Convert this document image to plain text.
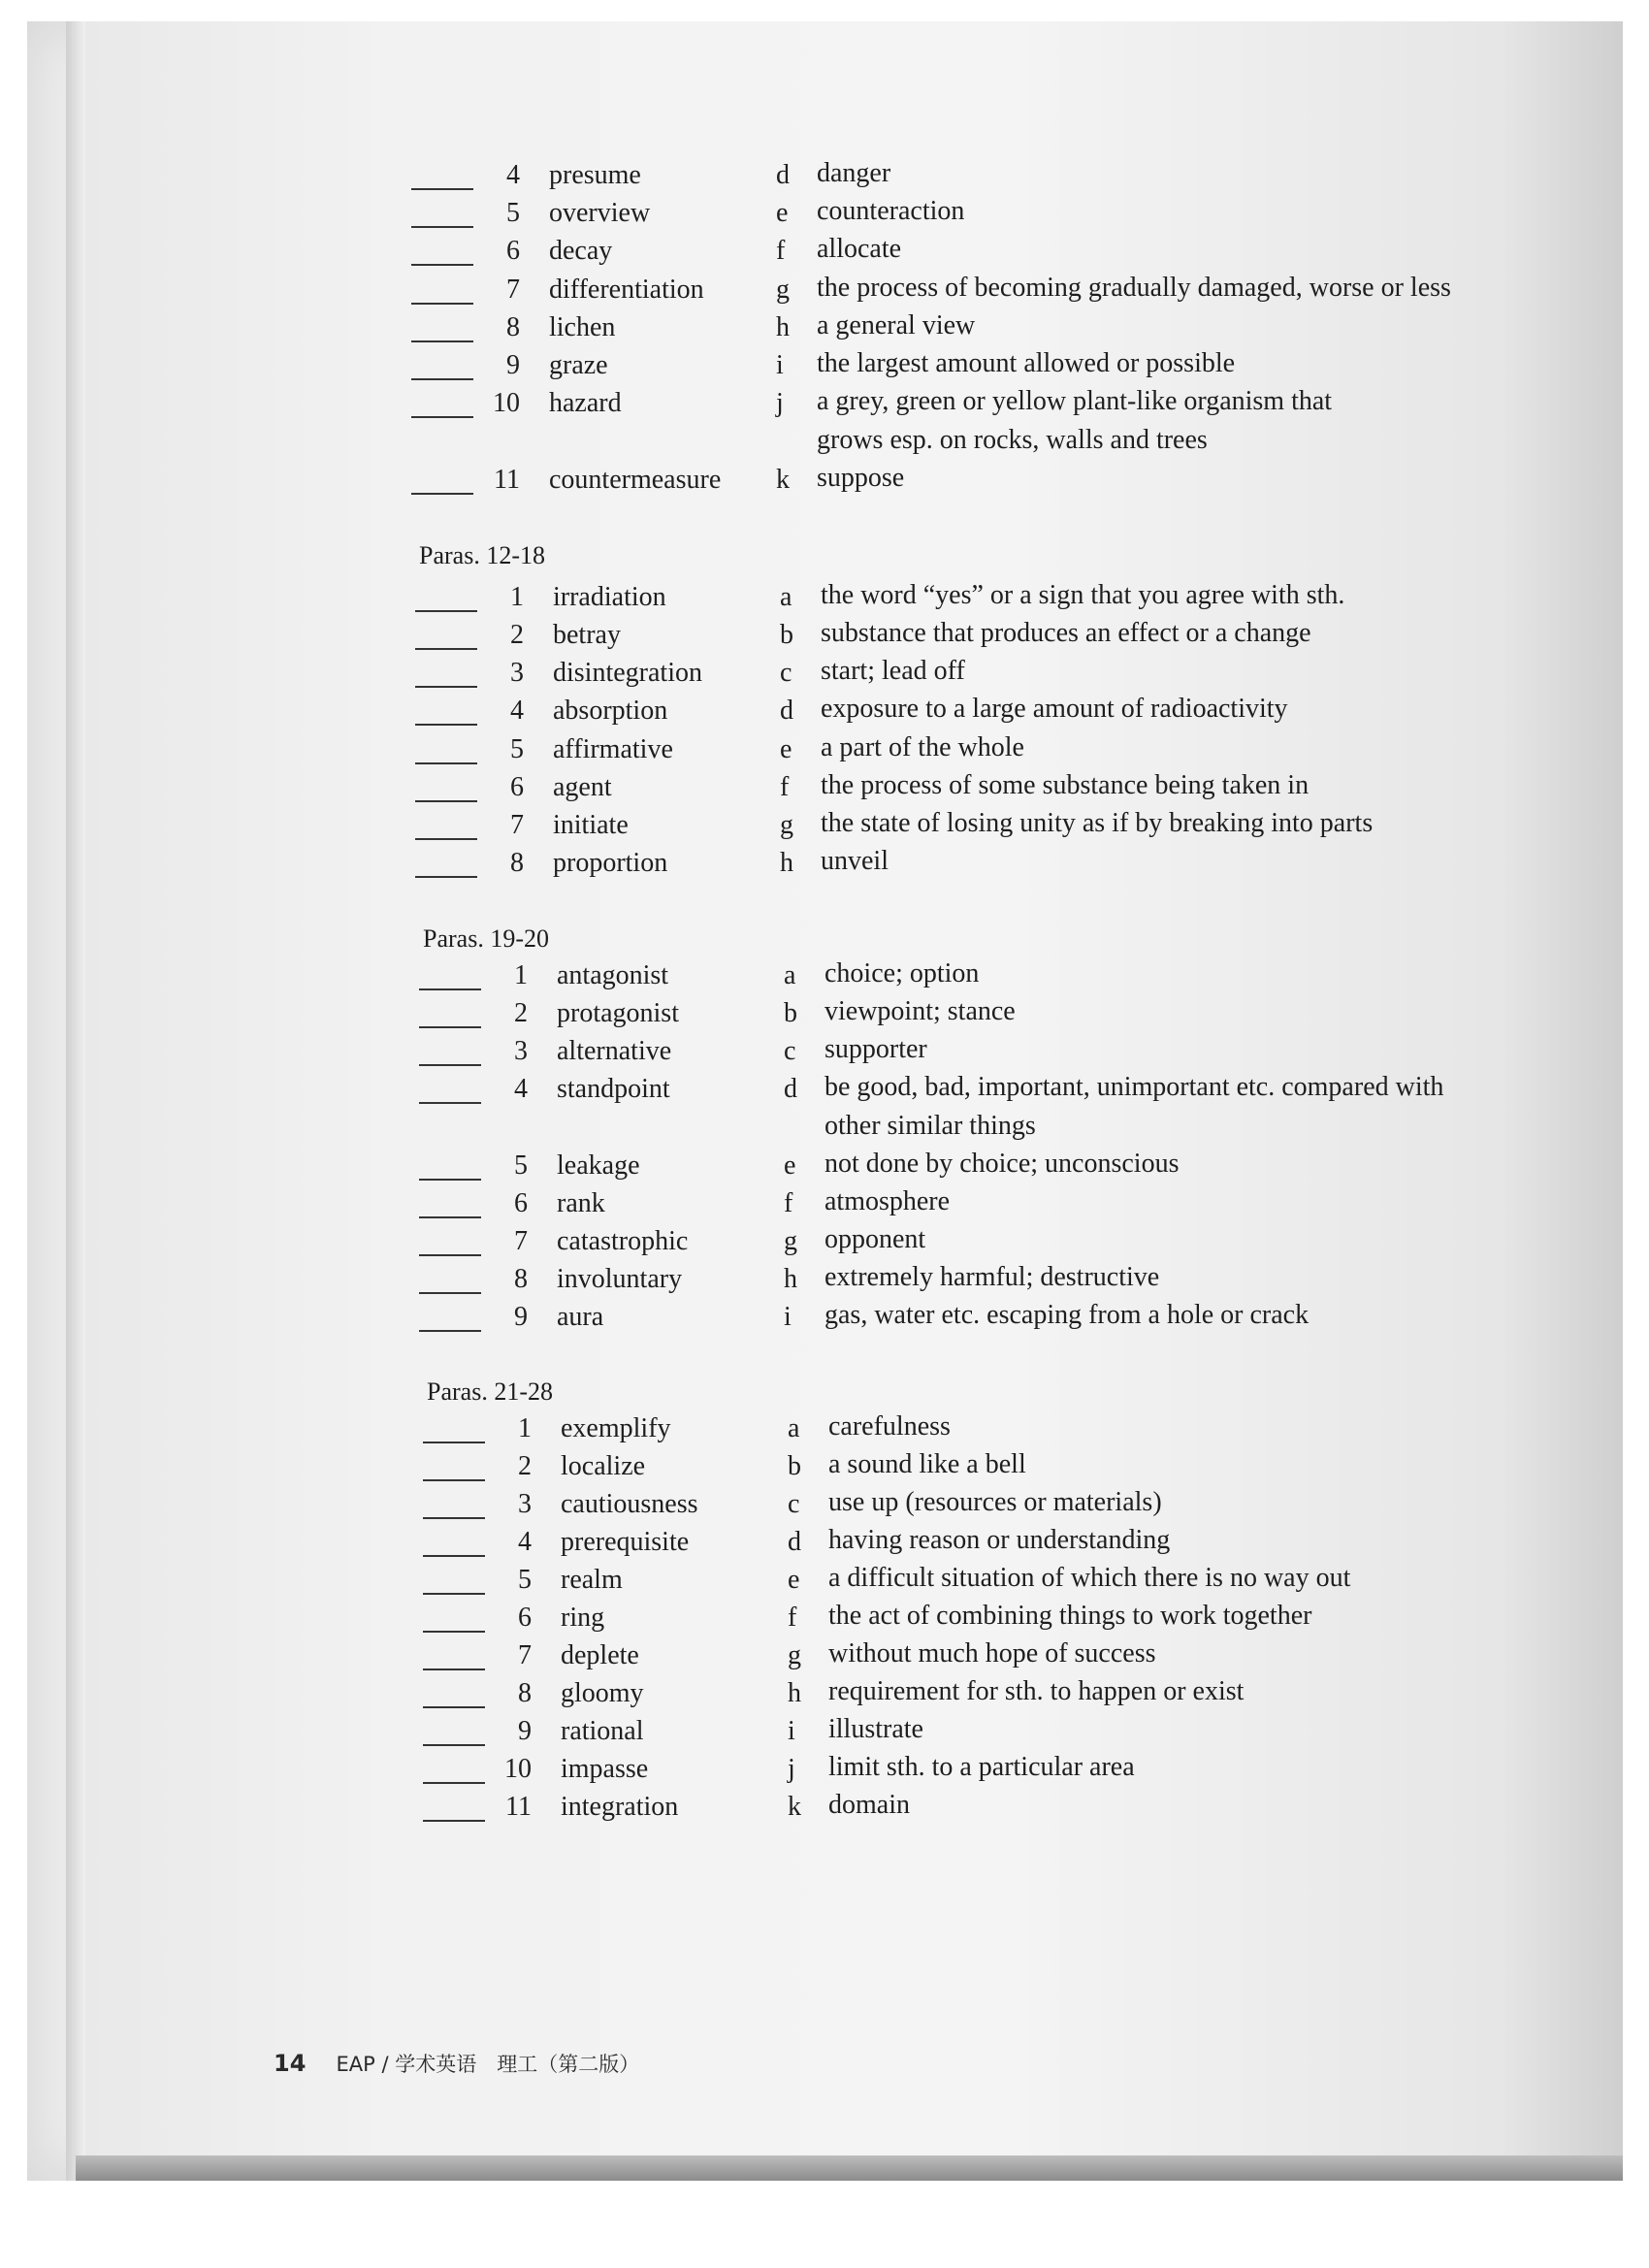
4 presume	d danger
5 overview	e counteraction
6 decay	f allocate
7 differentiation	g the process of becoming gradually damaged, worse or less
8 lichen	h a general view
9 graze	i the largest amount allowed or possible
10 hazard	j a grey, green or yellow plant-like organism that
grows esp. on rocks, walls and trees
11 countermeasure k suppose
Paras. 12-18
1 irradiation	a the word “yes” or a sign that you agree with sth.
2 betray	b substance that produces an effect or a change
3 disintegration	c start; lead off
4 absorption	d exposure to a large amount of radioactivity
5 affirmative	e a part of the whole
6 agent	f the process of some substance being taken in
7 initiate	g the state of losing unity as if by breaking into parts
8 proportion	h unveil
Paras. 19-20
1 antagonist	a choice; option
2 protagonist	b viewpoint; stance
3 alternative	c supporter
4 standpoint	d be good, bad, important, unimportant etc. compared with
other similar things
5 leakage	e not done by choice; unconscious
6 rank	f atmosphere
7 catastrophic	g opponent
8 involuntary	h extremely harmful; destructive
9 aura	i gas, water etc. escaping from a hole or crack
Paras. 21-28
1 exemplify	a carefulness
2 localize	b a sound like a bell
3 cautiousness	c use up (resources or materials)
4 prerequisite	d having reason or understanding
5 realm	e a difficult situation of which there is no way out
6 ring	f the act of combining things to work together
7 deplete	g without much hope of success
8 gloomy	h requirement for sth. to happen or exist
9 rational	i illustrate
10 impasse	j limit sth. to a particular area
11 integration	k domain
14 EAP / 学术英语　理工（第二版）
